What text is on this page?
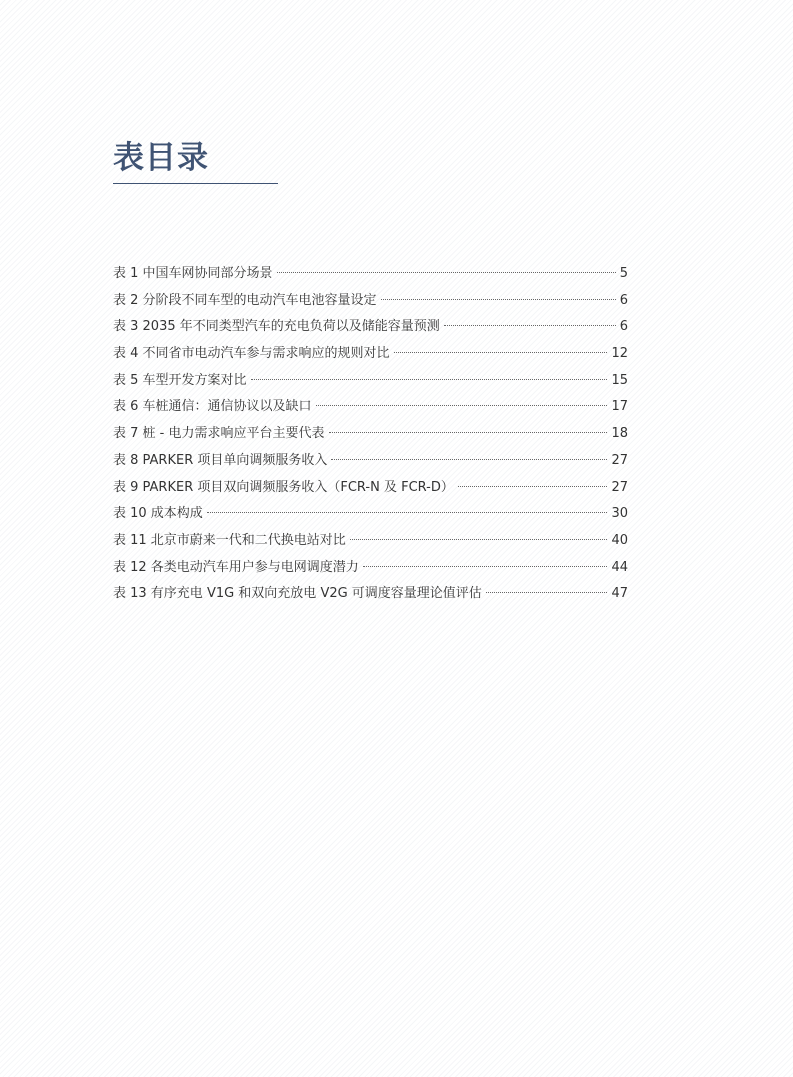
表目录
表 1 中国车网协同部分场景	5
表 2 分阶段不同车型的电动汽车电池容量设定	6
表 3 2035 年不同类型汽车的充电负荷以及储能容量预测	6
表 4 不同省市电动汽车参与需求响应的规则对比	12
表 5 车型开发方案对比	15
表 6 车桩通信：通信协议以及缺口	17
表 7 桩 - 电力需求响应平台主要代表	18
表 8 PARKER 项目单向调频服务收入	27
表 9 PARKER 项目双向调频服务收入（FCR-N 及 FCR-D）	27
表 10 成本构成	30
表 11 北京市蔚来一代和二代换电站对比	40
表 12 各类电动汽车用户参与电网调度潜力	44
表 13 有序充电 V1G 和双向充放电 V2G 可调度容量理论值评估	47
